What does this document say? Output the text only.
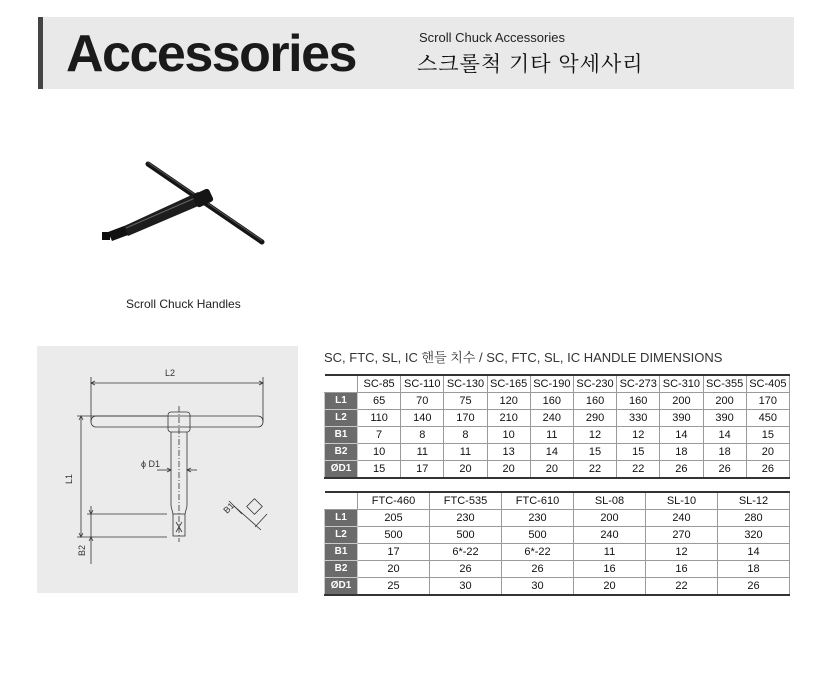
Accessories	Scroll Chuck Accessories
스크롤척 기타 악세사리
Scroll Chuck Handles
L2
L1
B2
ϕ D1
B1
SC, FTC, SL, IC 핸들 치수 / SC, FTC, SL, IC HANDLE DIMENSIONS
	SC-85	SC-110	SC-130	SC-165	SC-190	SC-230	SC-273	SC-310	SC-355	SC-405
L1	65	70	75	120	160	160	160	200	200	170
L2	110	140	170	210	240	290	330	390	390	450
B1	7	8	8	10	11	12	12	14	14	15
B2	10	11	11	13	14	15	15	18	18	20
ØD1	15	17	20	20	20	22	22	26	26	26
	FTC-460	FTC-535	FTC-610	SL-08	SL-10	SL-12
L1	205	230	230	200	240	280
L2	500	500	500	240	270	320
B1	17	6*-22	6*-22	11	12	14
B2	20	26	26	16	16	18
ØD1	25	30	30	20	22	26
